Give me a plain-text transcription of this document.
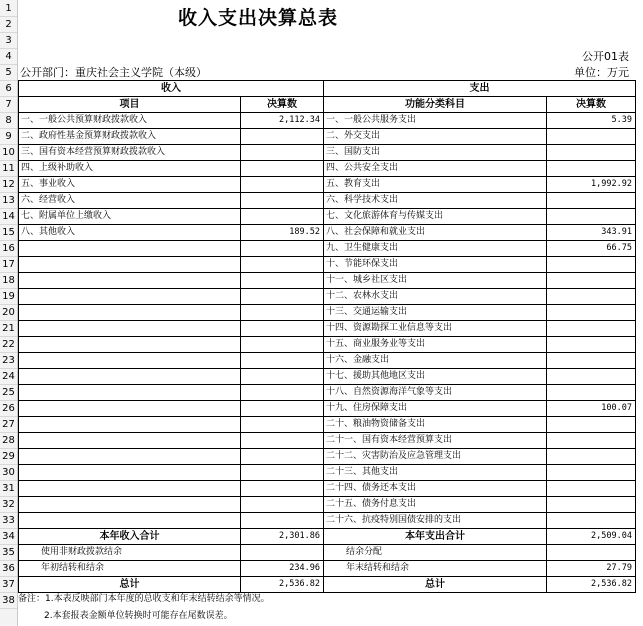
1
2
3
4
5
6
7
8
9
10
11
12
13
14
15
16
17
18
19
20
21
22
23
24
25
26
27
28
29
30
31
32
33
34
35
36
37
38
收入支出决算总表
公开01表
公开部门：重庆社会主义学院（本级）	单位：万元
收入		支出	
项目	决算数	功能分类科目	决算数
一、一般公共预算财政拨款收入	2,112.34	一、一般公共服务支出	5.39
二、政府性基金预算财政拨款收入		二、外交支出	
三、国有资本经营预算财政拨款收入		三、国防支出	
四、上级补助收入		四、公共安全支出	
五、事业收入		五、教育支出	1,992.92
六、经营收入		六、科学技术支出	
七、附属单位上缴收入		七、文化旅游体育与传媒支出	
八、其他收入	189.52	八、社会保障和就业支出	343.91
		九、卫生健康支出	66.75
		十、节能环保支出	
		十一、城乡社区支出	
		十二、农林水支出	
		十三、交通运输支出	
		十四、资源勘探工业信息等支出	
		十五、商业服务业等支出	
		十六、金融支出	
		十七、援助其他地区支出	
		十八、自然资源海洋气象等支出	
		十九、住房保障支出	100.07
		二十、粮油物资储备支出	
		二十一、国有资本经营预算支出	
		二十二、灾害防治及应急管理支出	
		二十三、其他支出	
		二十四、债务还本支出	
		二十五、债务付息支出	
		二十六、抗疫特别国债安排的支出	
本年收入合计	2,301.86	本年支出合计	2,509.04
使用非财政拨款结余		结余分配	
年初结转和结余	234.96	年末结转和结余	27.79
总计	2,536.82	总计	2,536.82
备注：1.本表反映部门本年度的总收支和年末结转结余等情况。
2.本套报表金额单位转换时可能存在尾数误差。
